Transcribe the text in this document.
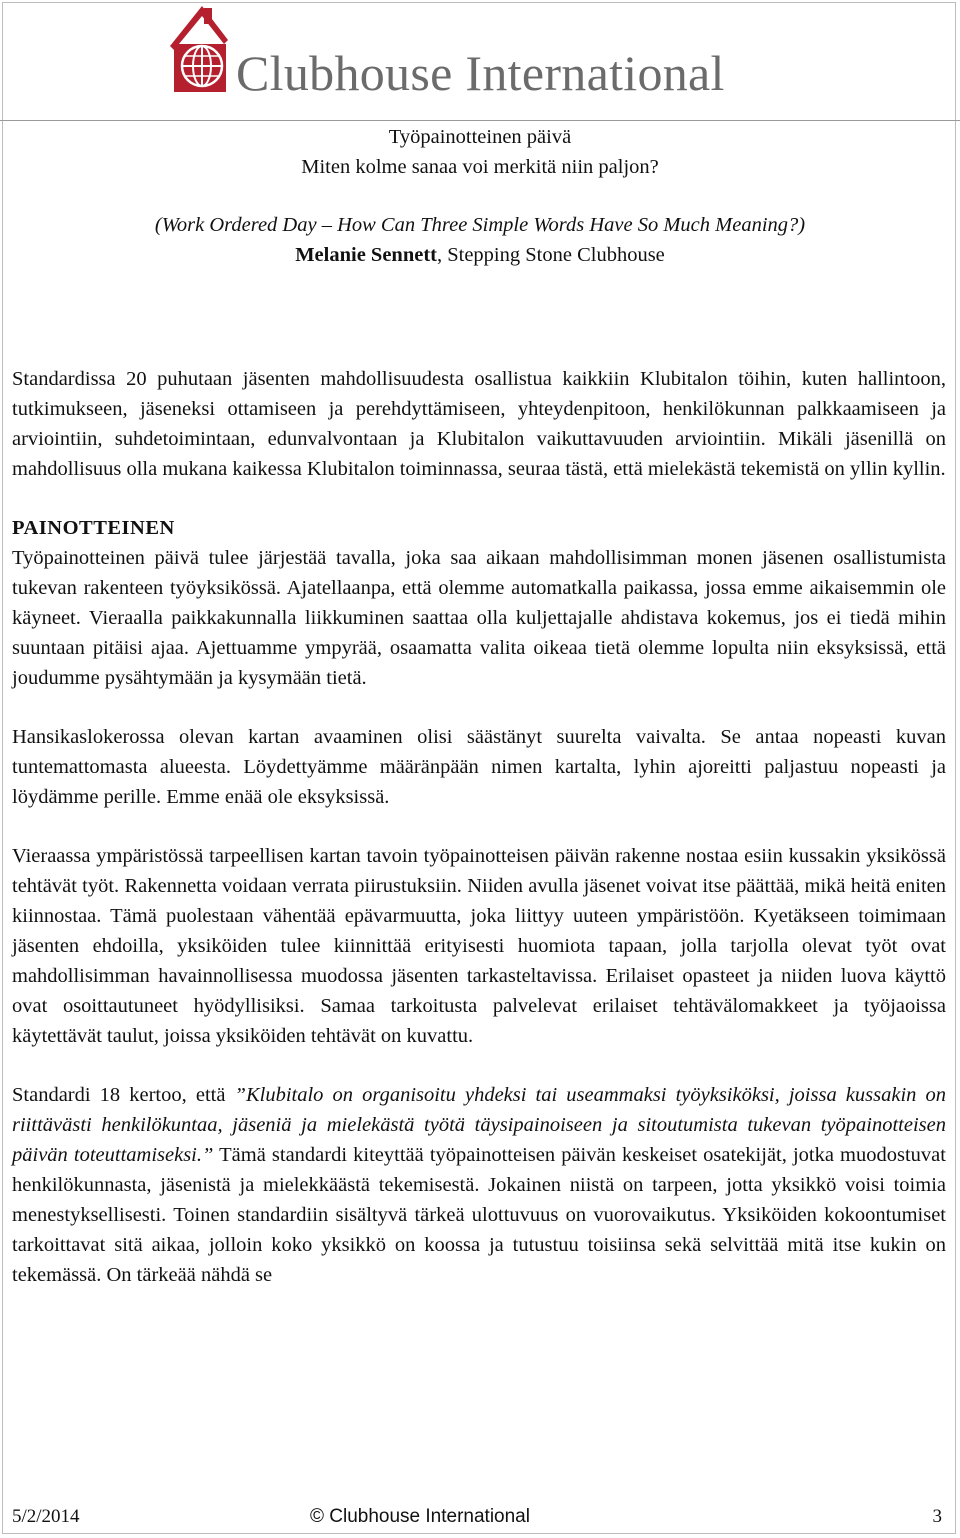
Clubhouse International
Työpainotteinen päivä
Miten kolme sanaa voi merkitä niin paljon?
(Work Ordered Day – How Can Three Simple Words Have So Much Meaning?)
Melanie Sennett, Stepping Stone Clubhouse

Standardissa 20 puhutaan jäsenten mahdollisuudesta osallistua kaikkiin Klubitalon töihin, kuten hallintoon, tutkimukseen, jäseneksi ottamiseen ja perehdyttämiseen, yhteydenpitoon, henkilökunnan palkkaamiseen ja arviointiin, suhdetoimintaan, edunvalvontaan ja Klubitalon vaikuttavuuden arviointiin. Mikäli jäsenillä on mahdollisuus olla mukana kaikessa Klubitalon toiminnassa, seuraa tästä, että mielekästä tekemistä on yllin kyllin.

PAINOTTEINEN

Työpainotteinen päivä tulee järjestää tavalla, joka saa aikaan mahdollisimman monen jäsenen osallistumista tukevan rakenteen työyksikössä. Ajatellaanpa, että olemme automatkalla paikassa, jossa emme aikaisemmin ole käyneet. Vieraalla paikkakunnalla liikkuminen saattaa olla kuljettajalle ahdistava kokemus, jos ei tiedä mihin suuntaan pitäisi ajaa. Ajettuamme ympyrää, osaamatta valita oikeaa tietä olemme lopulta niin eksyksissä, että joudumme pysähtymään ja kysymään tietä.

Hansikaslokerossa olevan kartan avaaminen olisi säästänyt suurelta vaivalta. Se antaa nopeasti kuvan tuntemattomasta alueesta. Löydettyämme määränpään nimen kartalta, lyhin ajoreitti paljastuu nopeasti ja löydämme perille. Emme enää ole eksyksissä.

Vieraassa ympäristössä tarpeellisen kartan tavoin työpainotteisen päivän rakenne nostaa esiin kussakin yksikössä tehtävät työt. Rakennetta voidaan verrata piirustuksiin. Niiden avulla jäsenet voivat itse päättää, mikä heitä eniten kiinnostaa. Tämä puolestaan vähentää epävarmuutta, joka liittyy uuteen ympäristöön. Kyetäkseen toimimaan jäsenten ehdoilla, yksiköiden tulee kiinnittää erityisesti huomiota tapaan, jolla tarjolla olevat työt ovat mahdollisimman havainnollisessa muodossa jäsenten tarkasteltavissa. Erilaiset opasteet ja niiden luova käyttö ovat osoittautuneet hyödyllisiksi. Samaa tarkoitusta palvelevat erilaiset tehtävälomakkeet ja työjaoissa käytettävät taulut, joissa yksiköiden tehtävät on kuvattu.

Standardi 18 kertoo, että ”Klubitalo on organisoitu yhdeksi tai useammaksi työyksiköksi, joissa kussakin on riittävästi henkilökuntaa, jäseniä ja mielekästä työtä täysipainoiseen ja sitoutumista tukevan työpainotteisen päivän toteuttamiseksi.” Tämä standardi kiteyttää työpainotteisen päivän keskeiset osatekijät, jotka muodostuvat henkilökunnasta, jäsenistä ja mielekkäästä tekemisestä. Jokainen niistä on tarpeen, jotta yksikkö voisi toimia menestyksellisesti. Toinen standardiin sisältyvä tärkeä ulottuvuus on vuorovaikutus. Yksiköiden kokoontumiset tarkoittavat sitä aikaa, jolloin koko yksikkö on koossa ja tutustuu toisiinsa sekä selvittää mitä itse kukin on tekemässä. On tärkeää nähdä se

5/2/2014	© Clubhouse International	3
